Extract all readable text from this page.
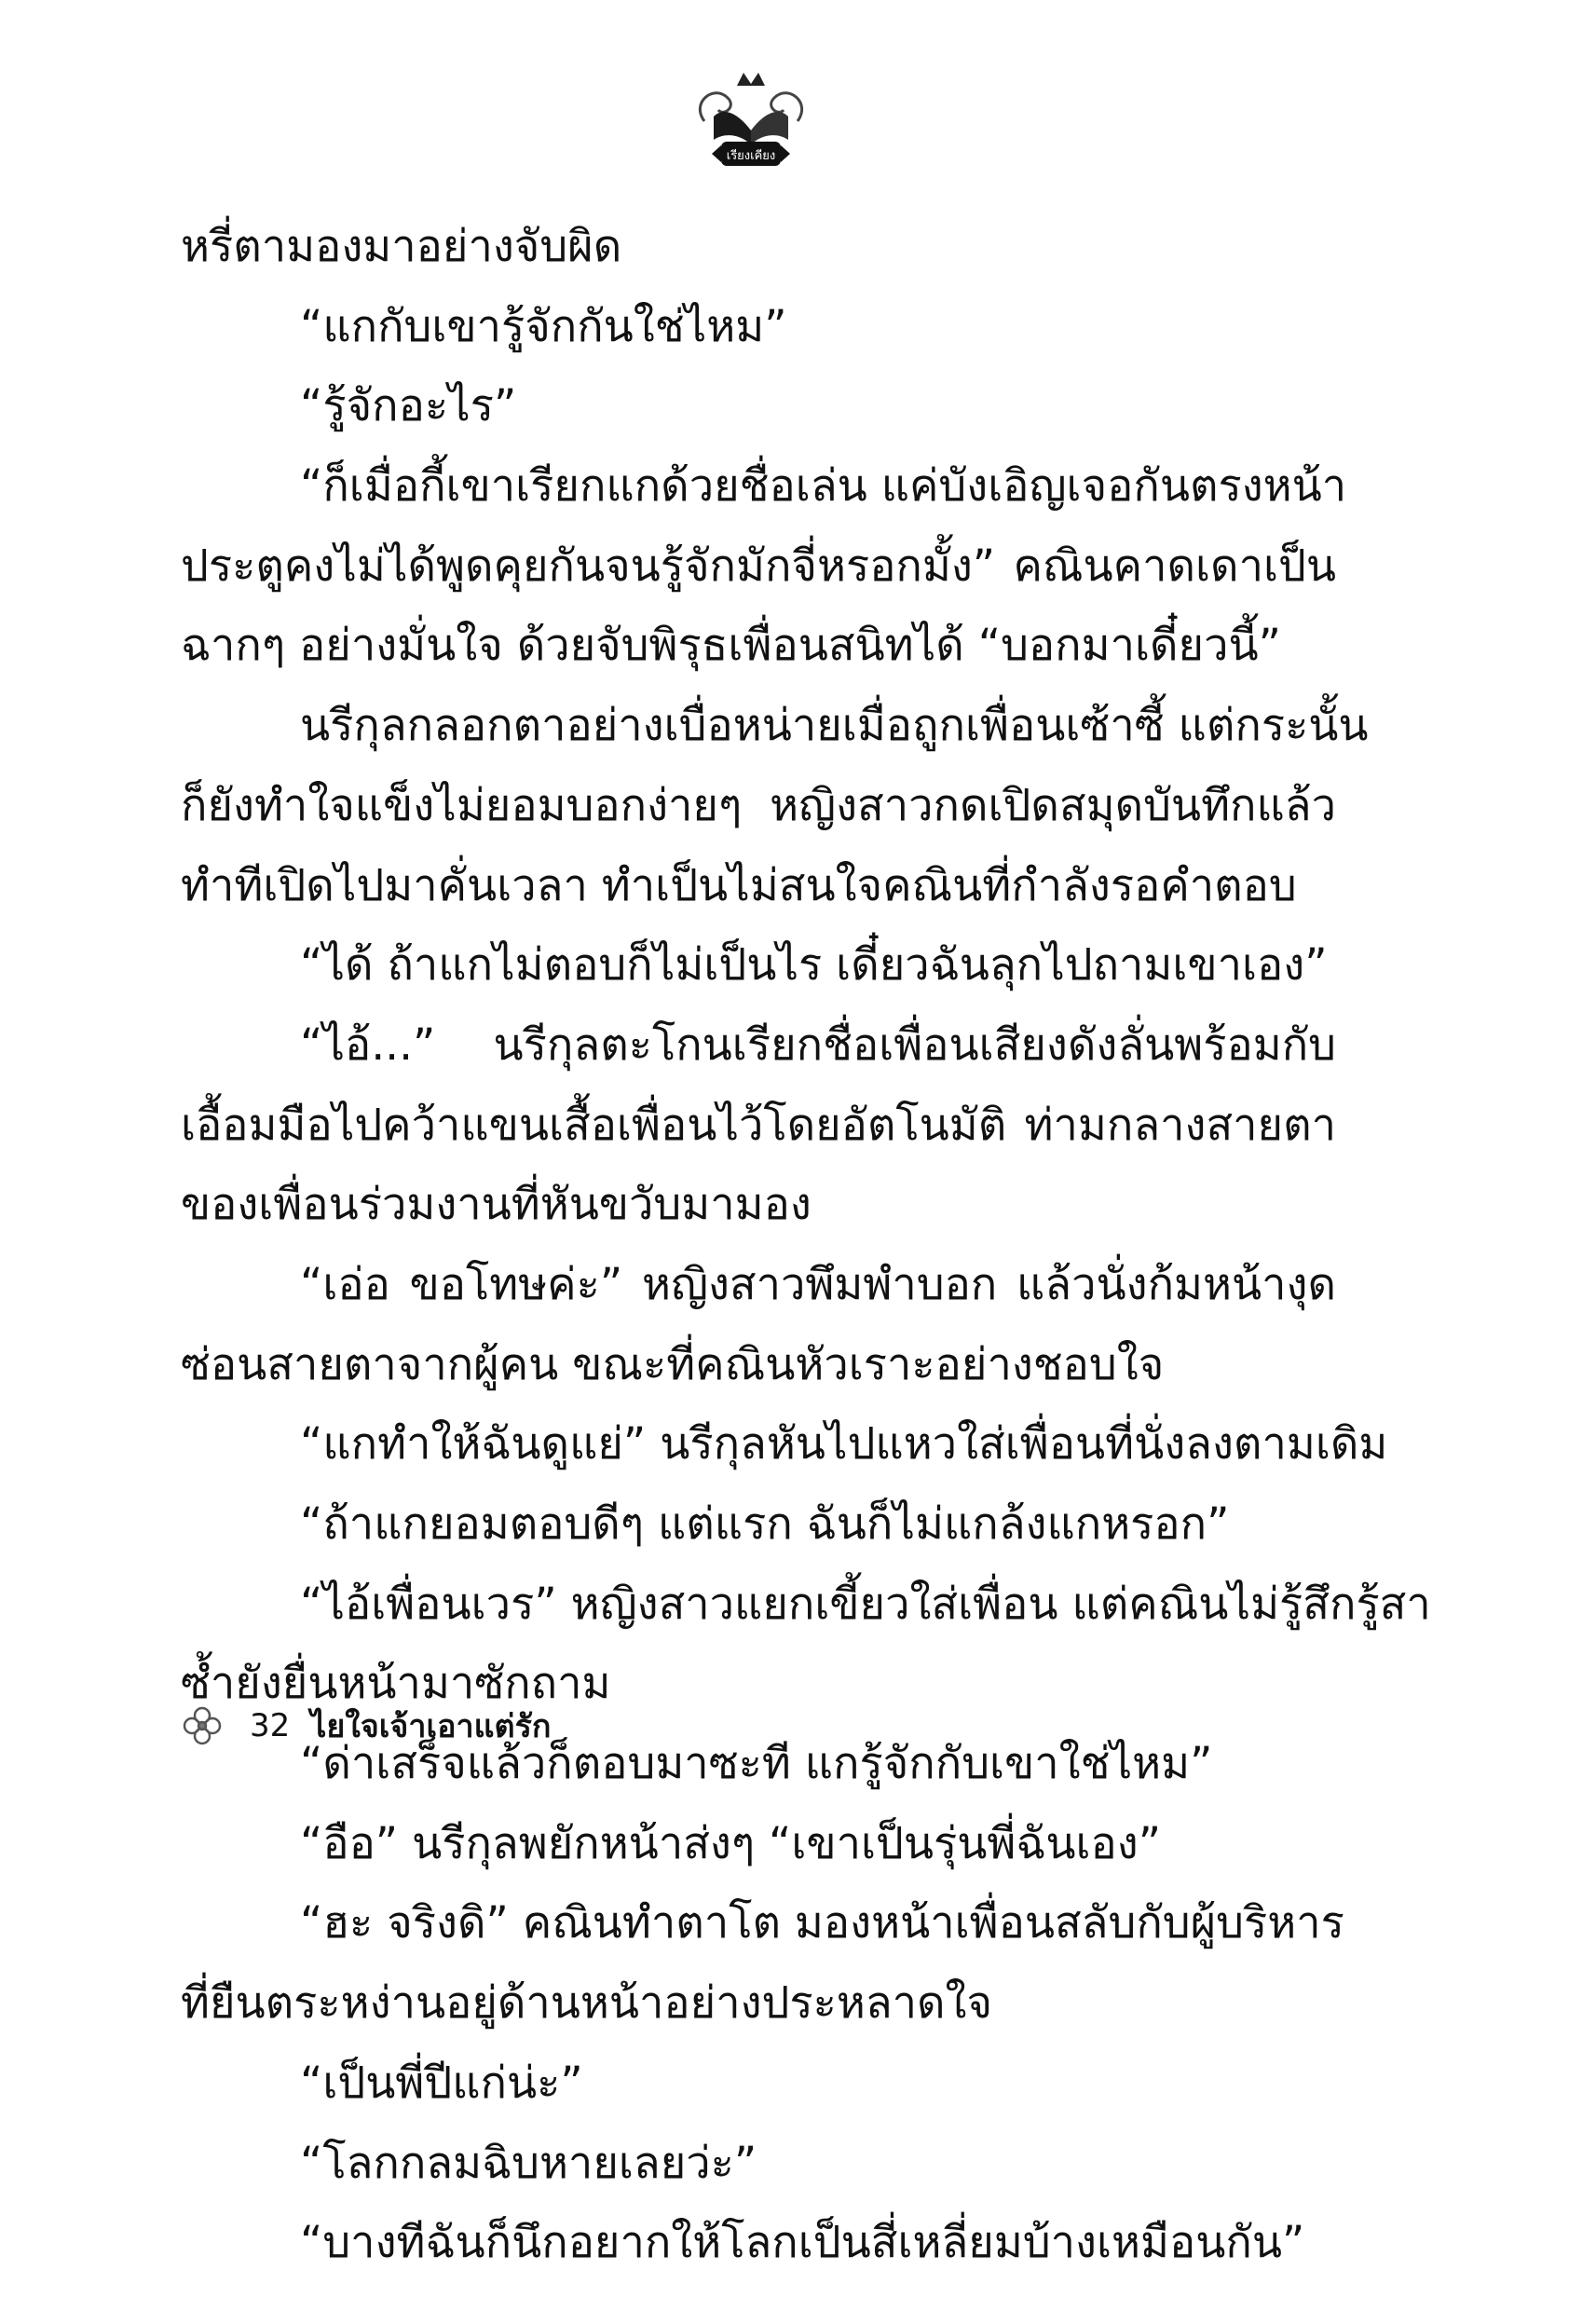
เรียงเคียง
หรี่ตามองมาอย่างจับผิด
“แกกับเขารู้จักกันใช่ไหม”
“รู้จักอะไร”
“ก็เมื่อกี้เขาเรียกแกด้วยชื่อเล่น แค่บังเอิญเจอกันตรงหน้า
ประตูคงไม่ได้พูดคุยกันจนรู้จักมักจี่หรอกมั้ง” คณินคาดเดาเป็น
ฉากๆ อย่างมั่นใจ ด้วยจับพิรุธเพื่อนสนิทได้ “บอกมาเดี๋ยวนี้”
นรีกุลกลอกตาอย่างเบื่อหน่ายเมื่อถูกเพื่อนเซ้าซี้ แต่กระนั้น
ก็ยังทำใจแข็งไม่ยอมบอกง่ายๆ หญิงสาวกดเปิดสมุดบันทึกแล้ว
ทำทีเปิดไปมาคั่นเวลา ทำเป็นไม่สนใจคณินที่กำลังรอคำตอบ
“ได้ ถ้าแกไม่ตอบก็ไม่เป็นไร เดี๋ยวฉันลุกไปถามเขาเอง”
“ไอ้...” นรีกุลตะโกนเรียกชื่อเพื่อนเสียงดังลั่นพร้อมกับ
เอื้อมมือไปคว้าแขนเสื้อเพื่อนไว้โดยอัตโนมัติ ท่ามกลางสายตา
ของเพื่อนร่วมงานที่หันขวับมามอง
“เอ่อ ขอโทษค่ะ” หญิงสาวพึมพำบอก แล้วนั่งก้มหน้างุด
ซ่อนสายตาจากผู้คน ขณะที่คณินหัวเราะอย่างชอบใจ
“แกทำให้ฉันดูแย่” นรีกุลหันไปแหวใส่เพื่อนที่นั่งลงตามเดิม
“ถ้าแกยอมตอบดีๆ แต่แรก ฉันก็ไม่แกล้งแกหรอก”
“ไอ้เพื่อนเวร” หญิงสาวแยกเขี้ยวใส่เพื่อน แต่คณินไม่รู้สึกรู้สา
ซ้ำยังยื่นหน้ามาซักถาม
“ด่าเสร็จแล้วก็ตอบมาซะที แกรู้จักกับเขาใช่ไหม”
“อือ” นรีกุลพยักหน้าส่งๆ “เขาเป็นรุ่นพี่ฉันเอง”
“ฮะ จริงดิ” คณินทำตาโต มองหน้าเพื่อนสลับกับผู้บริหาร
ที่ยืนตระหง่านอยู่ด้านหน้าอย่างประหลาดใจ
“เป็นพี่ปีแก่น่ะ”
“โลกกลมฉิบหายเลยว่ะ”
“บางทีฉันก็นึกอยากให้โลกเป็นสี่เหลี่ยมบ้างเหมือนกัน”
32 ไยใจเจ้าเอาแต่รัก
